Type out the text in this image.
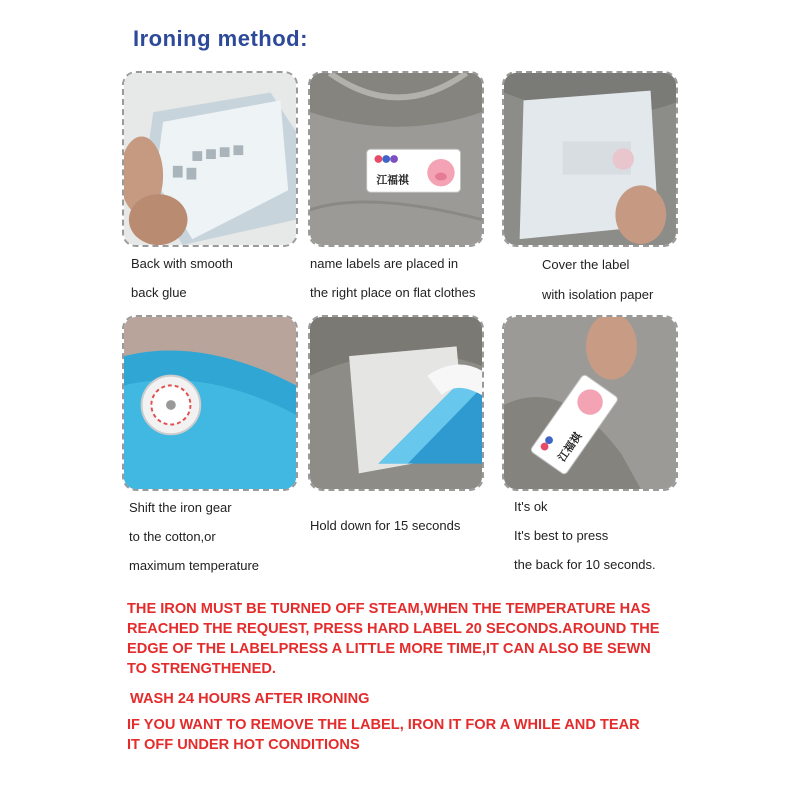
Ironing method:
江福祺
江福祺
Back with smooth
back glue
name labels are placed in
the right place on flat clothes
Cover the label
with isolation paper
Shift the iron gear
to the cotton,or
maximum temperature
Hold down for 15 seconds
It's ok
It's best to press
the back for 10 seconds.
THE IRON MUST BE TURNED OFF STEAM,WHEN THE TEMPERATURE HAS
REACHED THE REQUEST, PRESS HARD LABEL 20 SECONDS.AROUND THE
EDGE OF THE LABELPRESS A LITTLE MORE TIME,IT CAN ALSO BE SEWN
TO STRENGTHENED.
WASH 24 HOURS AFTER IRONING
IF YOU WANT TO REMOVE THE LABEL, IRON IT FOR A WHILE AND TEAR
IT OFF UNDER HOT CONDITIONS
